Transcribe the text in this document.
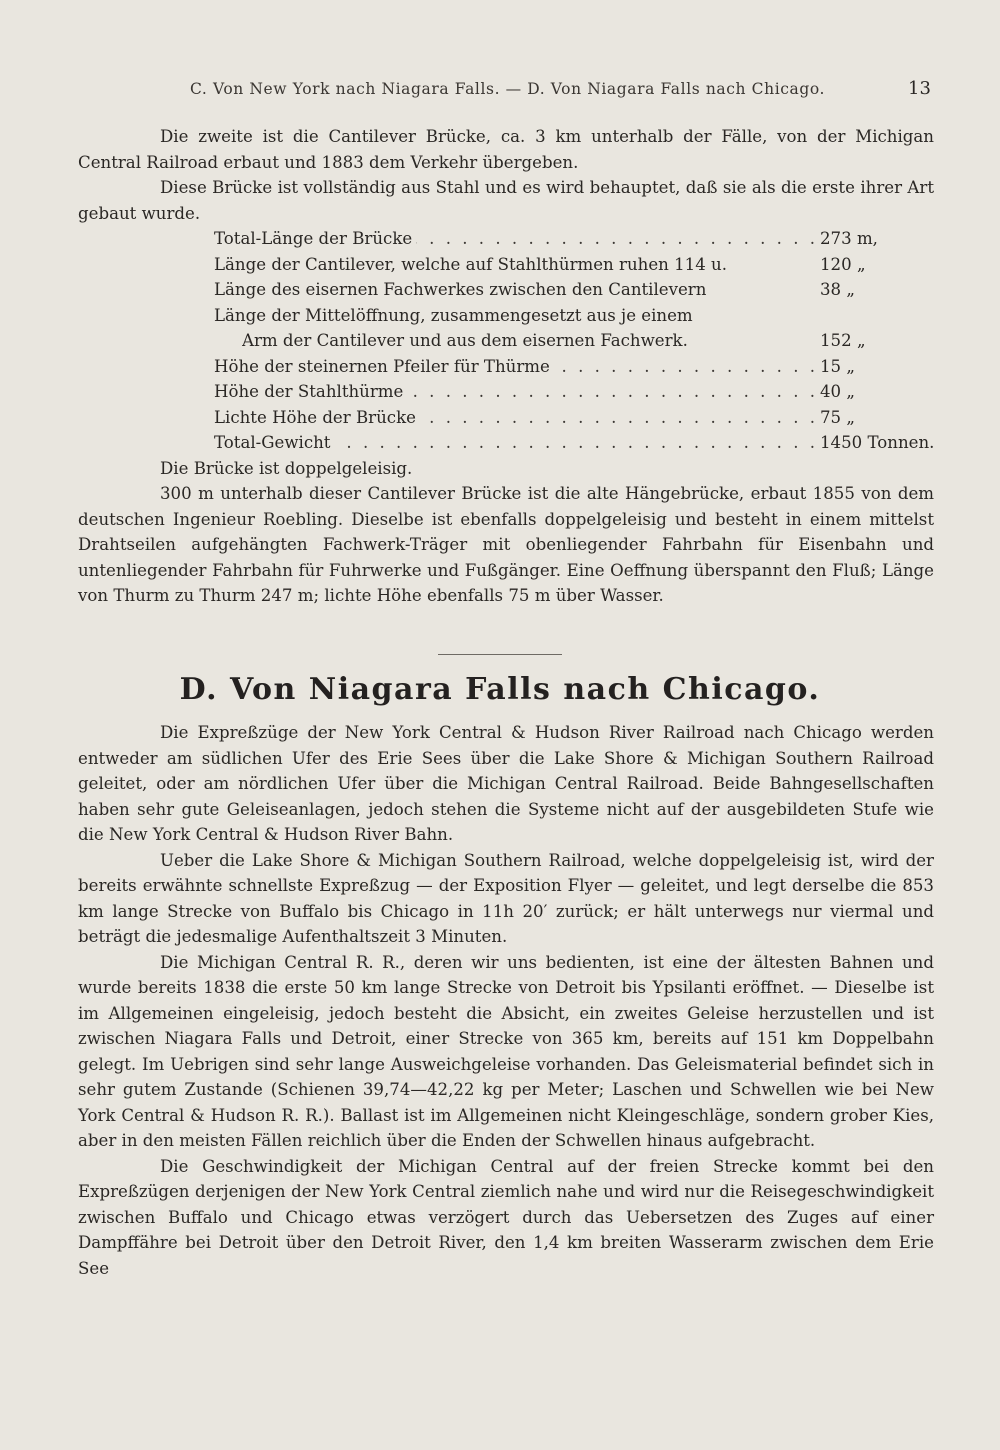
C. Von New York nach Niagara Falls. — D. Von Niagara Falls nach Chicago.	13

Die zweite ist die Cantilever Brücke, ca. 3 km unterhalb der Fälle, von der Michigan Central Railroad erbaut und 1883 dem Verkehr übergeben.

Diese Brücke ist vollständig aus Stahl und es wird behauptet, daß sie als die erste ihrer Art gebaut wurde.

Total-Länge der Brücke . . .	273 m,
Länge der Cantilever, welche auf Stahlthürmen ruhen 114 u.	120 „
Länge des eisernen Fachwerkes zwischen den Cantilevern	38 „
Länge der Mittelöffnung, zusammengesetzt aus je einem
Arm der Cantilever und aus dem eisernen Fachwerk.	152 „
Höhe der steinernen Pfeiler für Thürme . . .	15 „
Höhe der Stahlthürme . . .	40 „
Lichte Höhe der Brücke . . .	75 „
Total-Gewicht . . .	1450 Tonnen.

Die Brücke ist doppelgeleisig.

300 m unterhalb dieser Cantilever Brücke ist die alte Hängebrücke, erbaut 1855 von dem deutschen Ingenieur Roebling. Dieselbe ist ebenfalls doppelgeleisig und besteht in einem mittelst Drahtseilen aufgehängten Fachwerk-Träger mit obenliegender Fahrbahn für Eisenbahn und untenliegender Fahrbahn für Fuhrwerke und Fußgänger. Eine Oeffnung überspannt den Fluß; Länge von Thurm zu Thurm 247 m; lichte Höhe ebenfalls 75 m über Wasser.

D. Von Niagara Falls nach Chicago.

Die Expreßzüge der New York Central & Hudson River Railroad nach Chicago werden entweder am südlichen Ufer des Erie Sees über die Lake Shore & Michigan Southern Railroad geleitet, oder am nördlichen Ufer über die Michigan Central Railroad. Beide Bahngesellschaften haben sehr gute Geleiseanlagen, jedoch stehen die Systeme nicht auf der ausgebildeten Stufe wie die New York Central & Hudson River Bahn.

Ueber die Lake Shore & Michigan Southern Railroad, welche doppelgeleisig ist, wird der bereits erwähnte schnellste Expreßzug — der Exposition Flyer — geleitet, und legt derselbe die 853 km lange Strecke von Buffalo bis Chicago in 11h 20′ zurück; er hält unterwegs nur viermal und beträgt die jedesmalige Aufenthaltszeit 3 Minuten.

Die Michigan Central R. R., deren wir uns bedienten, ist eine der ältesten Bahnen und wurde bereits 1838 die erste 50 km lange Strecke von Detroit bis Ypsilanti eröffnet. — Dieselbe ist im Allgemeinen eingeleisig, jedoch besteht die Absicht, ein zweites Geleise herzustellen und ist zwischen Niagara Falls und Detroit, einer Strecke von 365 km, bereits auf 151 km Doppelbahn gelegt. Im Uebrigen sind sehr lange Ausweichgeleise vorhanden. Das Geleismaterial befindet sich in sehr gutem Zustande (Schienen 39,74—42,22 kg per Meter; Laschen und Schwellen wie bei New York Central & Hudson R. R.). Ballast ist im Allgemeinen nicht Kleingeschläge, sondern grober Kies, aber in den meisten Fällen reichlich über die Enden der Schwellen hinaus aufgebracht.

Die Geschwindigkeit der Michigan Central auf der freien Strecke kommt bei den Expreßzügen derjenigen der New York Central ziemlich nahe und wird nur die Reisegeschwindigkeit zwischen Buffalo und Chicago etwas verzögert durch das Uebersetzen des Zuges auf einer Dampffähre bei Detroit über den Detroit River, den 1,4 km breiten Wasserarm zwischen dem Erie See
